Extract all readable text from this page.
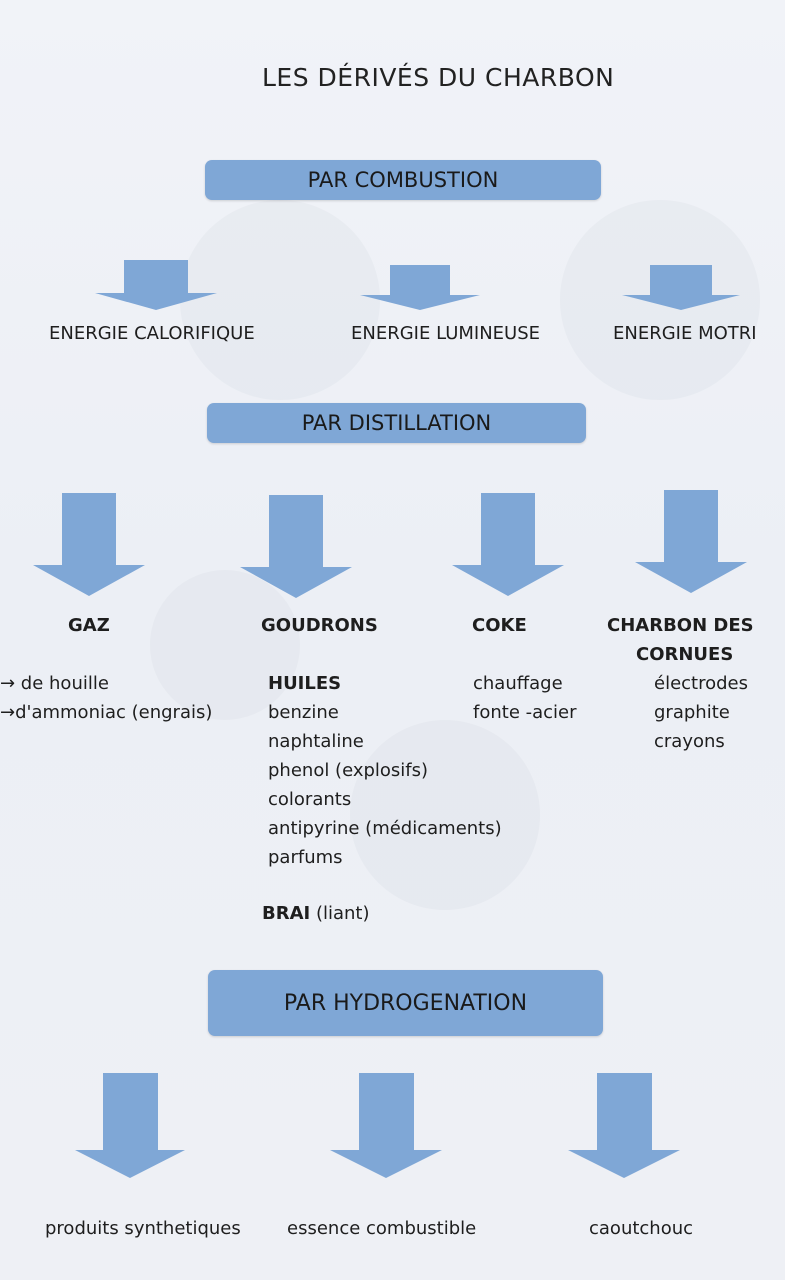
LES DÉRIVÉS DU CHARBON
PAR COMBUSTION
ENERGIE CALORIFIQUE	ENERGIE LUMINEUSE	ENERGIE MOTRI
PAR DISTILLATION
GAZ	GOUDRONS	COKE	CHARBON DES
CORNUES
→ de houille
→d'ammoniac (engrais)
HUILES
benzine
naphtaline
phenol (explosifs)
colorants
antipyrine (médicaments)
parfums
BRAI (liant)
chauffage
fonte -acier
électrodes
graphite
crayons
PAR HYDROGENATION
produits synthetiques	essence combustible	caoutchouc
